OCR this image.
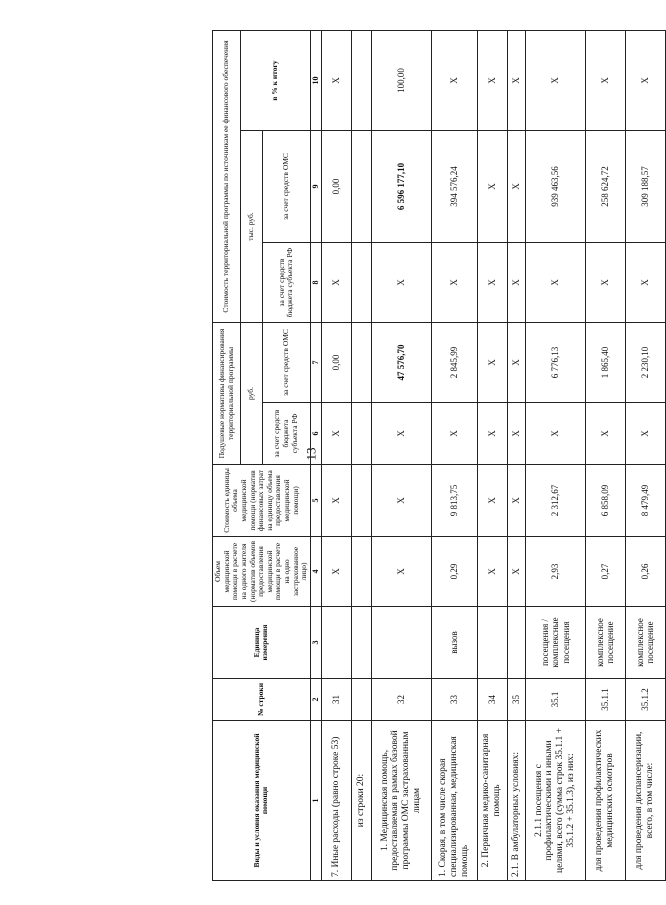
13
Виды и условия оказания медицинской помощи	№ строки	Единица измерения	Объем медицинской помощи в расчете на одного жителя (норматив объемов предоставления медицинской помощи в расчете на одно застрахованное лицо)	Стоимость единицы объема медицинской помощи (норматив финансовых затрат на единицу объема предоставления медицинской помощи)	Подушевые нормативы финансирования территориальной программы		Стоимость территориальной программы по источникам ее финансового обеспечения		
					руб.		тыс. руб.		в % к итогу
					за счет средств бюджета субъекта РФ	за счет средств ОМС	за счет средств бюджета субъекта РФ	за счет средств ОМС	
1	2	3	4	5	6	7	8	9	10
7. Иные расходы (равно строке 53)	31		Х	Х	Х	0,00	Х	0,00	Х
из строки 20:									
1. Медицинская помощь, предоставляемая в рамках базовой программы ОМС застрахованным лицам	32		Х	Х	Х	47 576,70	Х	6 596 177,10	100,00
1. Скорая, в том числе скорая специализированная, медицинская помощь	33	вызов	0,29	9 813,75	Х	2 845,99	Х	394 576,24	Х
2. Первичная медико-санитарная помощь	34		Х	Х	Х	Х	Х	Х	Х
2.1. В амбулаторных условиях:	35		Х	Х	Х	Х	Х	Х	Х
2.1.1 посещения с профилактическими и иными целями, всего (сумма строк 35.1.1 + 35.1.2 + 35.1.3), из них:	35.1	посещения / комплексные посещения	2,93	2 312,67	Х	6 776,13	Х	939 463,56	Х
для проведения профилактических медицинских осмотров	35.1.1	комплексное посещение	0,27	6 858,09	Х	1 865,40	Х	258 624,72	Х
для проведения диспансеризации, всего, в том числе:	35.1.2	комплексное посещение	0,26	8 479,49	Х	2 230,10	Х	309 188,57	Х
